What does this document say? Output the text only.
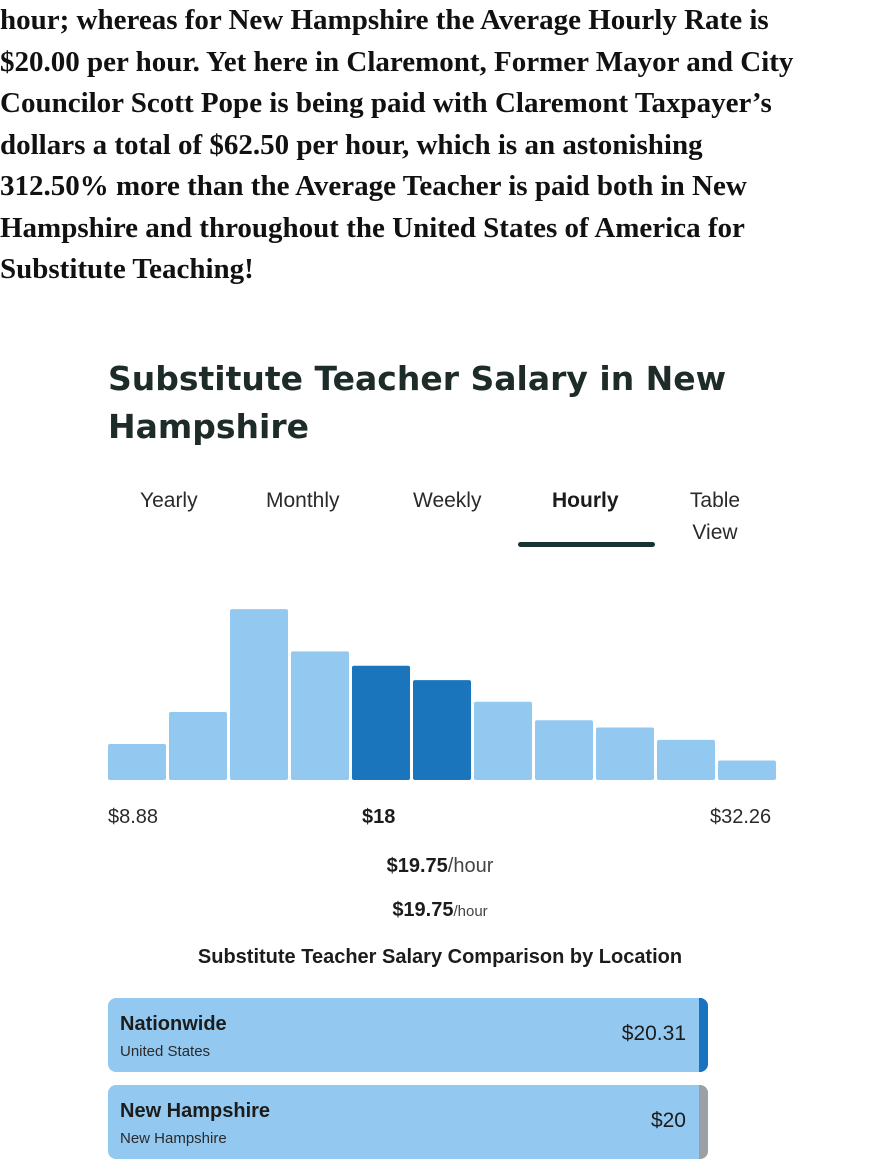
hour; whereas for New Hampshire the Average Hourly Rate is
$20.00 per hour. Yet here in Claremont, Former Mayor and City
Councilor Scott Pope is being paid with Claremont Taxpayer’s
dollars a total of $62.50 per hour, which is an astonishing
312.50% more than the Average Teacher is paid both in New
Hampshire and throughout the United States of America for
Substitute Teaching!
Substitute Teacher Salary in New Hampshire
Yearly	Monthly	Weekly	Hourly	Table View
$8.88	$18	$32.26
$19.75/hour
$19.75/hour
Substitute Teacher Salary Comparison by Location
Nationwide
United States
$20.31
New Hampshire
New Hampshire
$20
